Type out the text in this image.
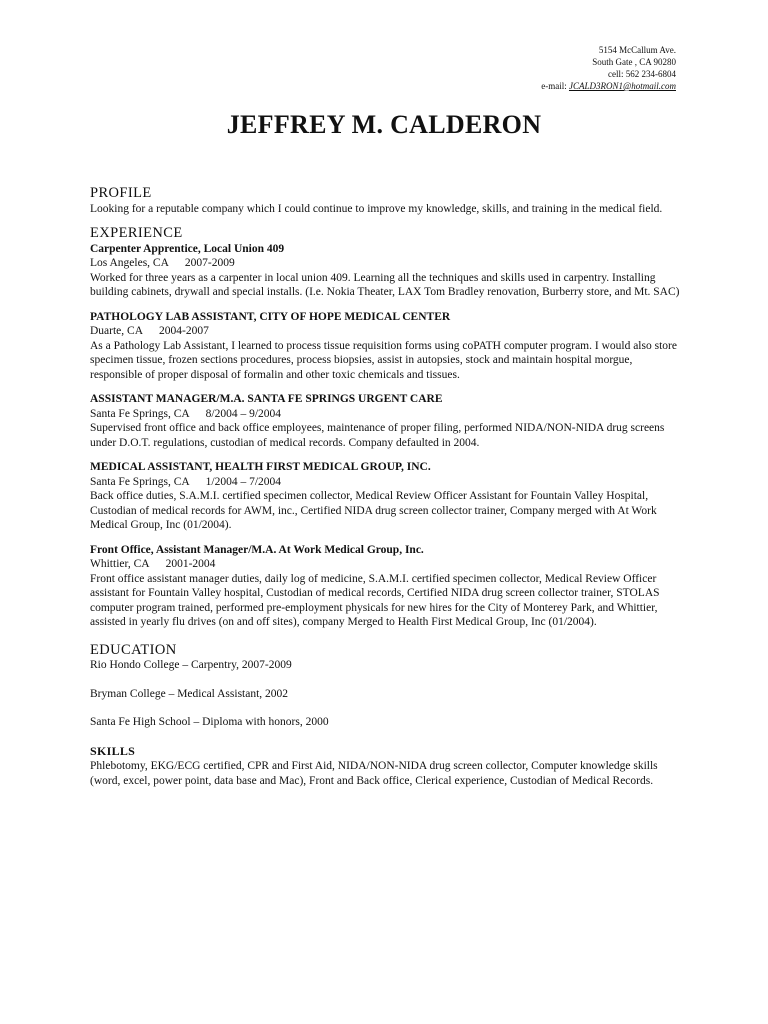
5154 McCallum Ave.
South Gate , CA 90280
cell: 562 234-6804
e-mail: JCALD3RON1@hotmail.com
JEFFREY M. CALDERON
PROFILE

Looking for a reputable company which I could continue to improve my knowledge, skills, and training in the medical field.

EXPERIENCE

Carpenter Apprentice, Local Union 409

Los Angeles, CA 2007-2009

Worked for three years as a carpenter in local union 409. Learning all the techniques and skills used in carpentry. Installing building cabinets, drywall and special installs. (I.e. Nokia Theater, LAX Tom Bradley renovation, Burberry store, and Mt. SAC)

PATHOLOGY LAB ASSISTANT, CITY OF HOPE MEDICAL CENTER

Duarte, CA 2004-2007

As a Pathology Lab Assistant, I learned to process tissue requisition forms using coPATH computer program. I would also store specimen tissue, frozen sections procedures, process biopsies, assist in autopsies, stock and maintain hospital morgue, responsible of proper disposal of formalin and other toxic chemicals and tissues.

ASSISTANT MANAGER/M.A. SANTA FE SPRINGS URGENT CARE

Santa Fe Springs, CA 8/2004 – 9/2004

Supervised front office and back office employees, maintenance of proper filing, performed NIDA/NON-NIDA drug screens under D.O.T. regulations, custodian of medical records. Company defaulted in 2004.

MEDICAL ASSISTANT, HEALTH FIRST MEDICAL GROUP, INC.

Santa Fe Springs, CA 1/2004 – 7/2004

Back office duties, S.A.M.I. certified specimen collector, Medical Review Officer Assistant for Fountain Valley Hospital, Custodian of medical records for AWM, inc., Certified NIDA drug screen collector trainer, Company merged with At Work Medical Group, Inc (01/2004).

Front Office, Assistant Manager/M.A. At Work Medical Group, Inc.

Whittier, CA 2001-2004

Front office assistant manager duties, daily log of medicine, S.A.M.I. certified specimen collector, Medical Review Officer assistant for Fountain Valley hospital, Custodian of medical records, Certified NIDA drug screen collector trainer, STOLAS computer program trained, performed pre-employment physicals for new hires for the City of Monterey Park, and Whittier, assisted in yearly flu drives (on and off sites), company Merged to Health First Medical Group, Inc (01/2004).

EDUCATION

Rio Hondo College – Carpentry, 2007-2009

Bryman College – Medical Assistant, 2002

Santa Fe High School – Diploma with honors, 2000

SKILLS

Phlebotomy, EKG/ECG certified, CPR and First Aid, NIDA/NON-NIDA drug screen collector, Computer knowledge skills (word, excel, power point, data base and Mac), Front and Back office, Clerical experience, Custodian of Medical Records.
